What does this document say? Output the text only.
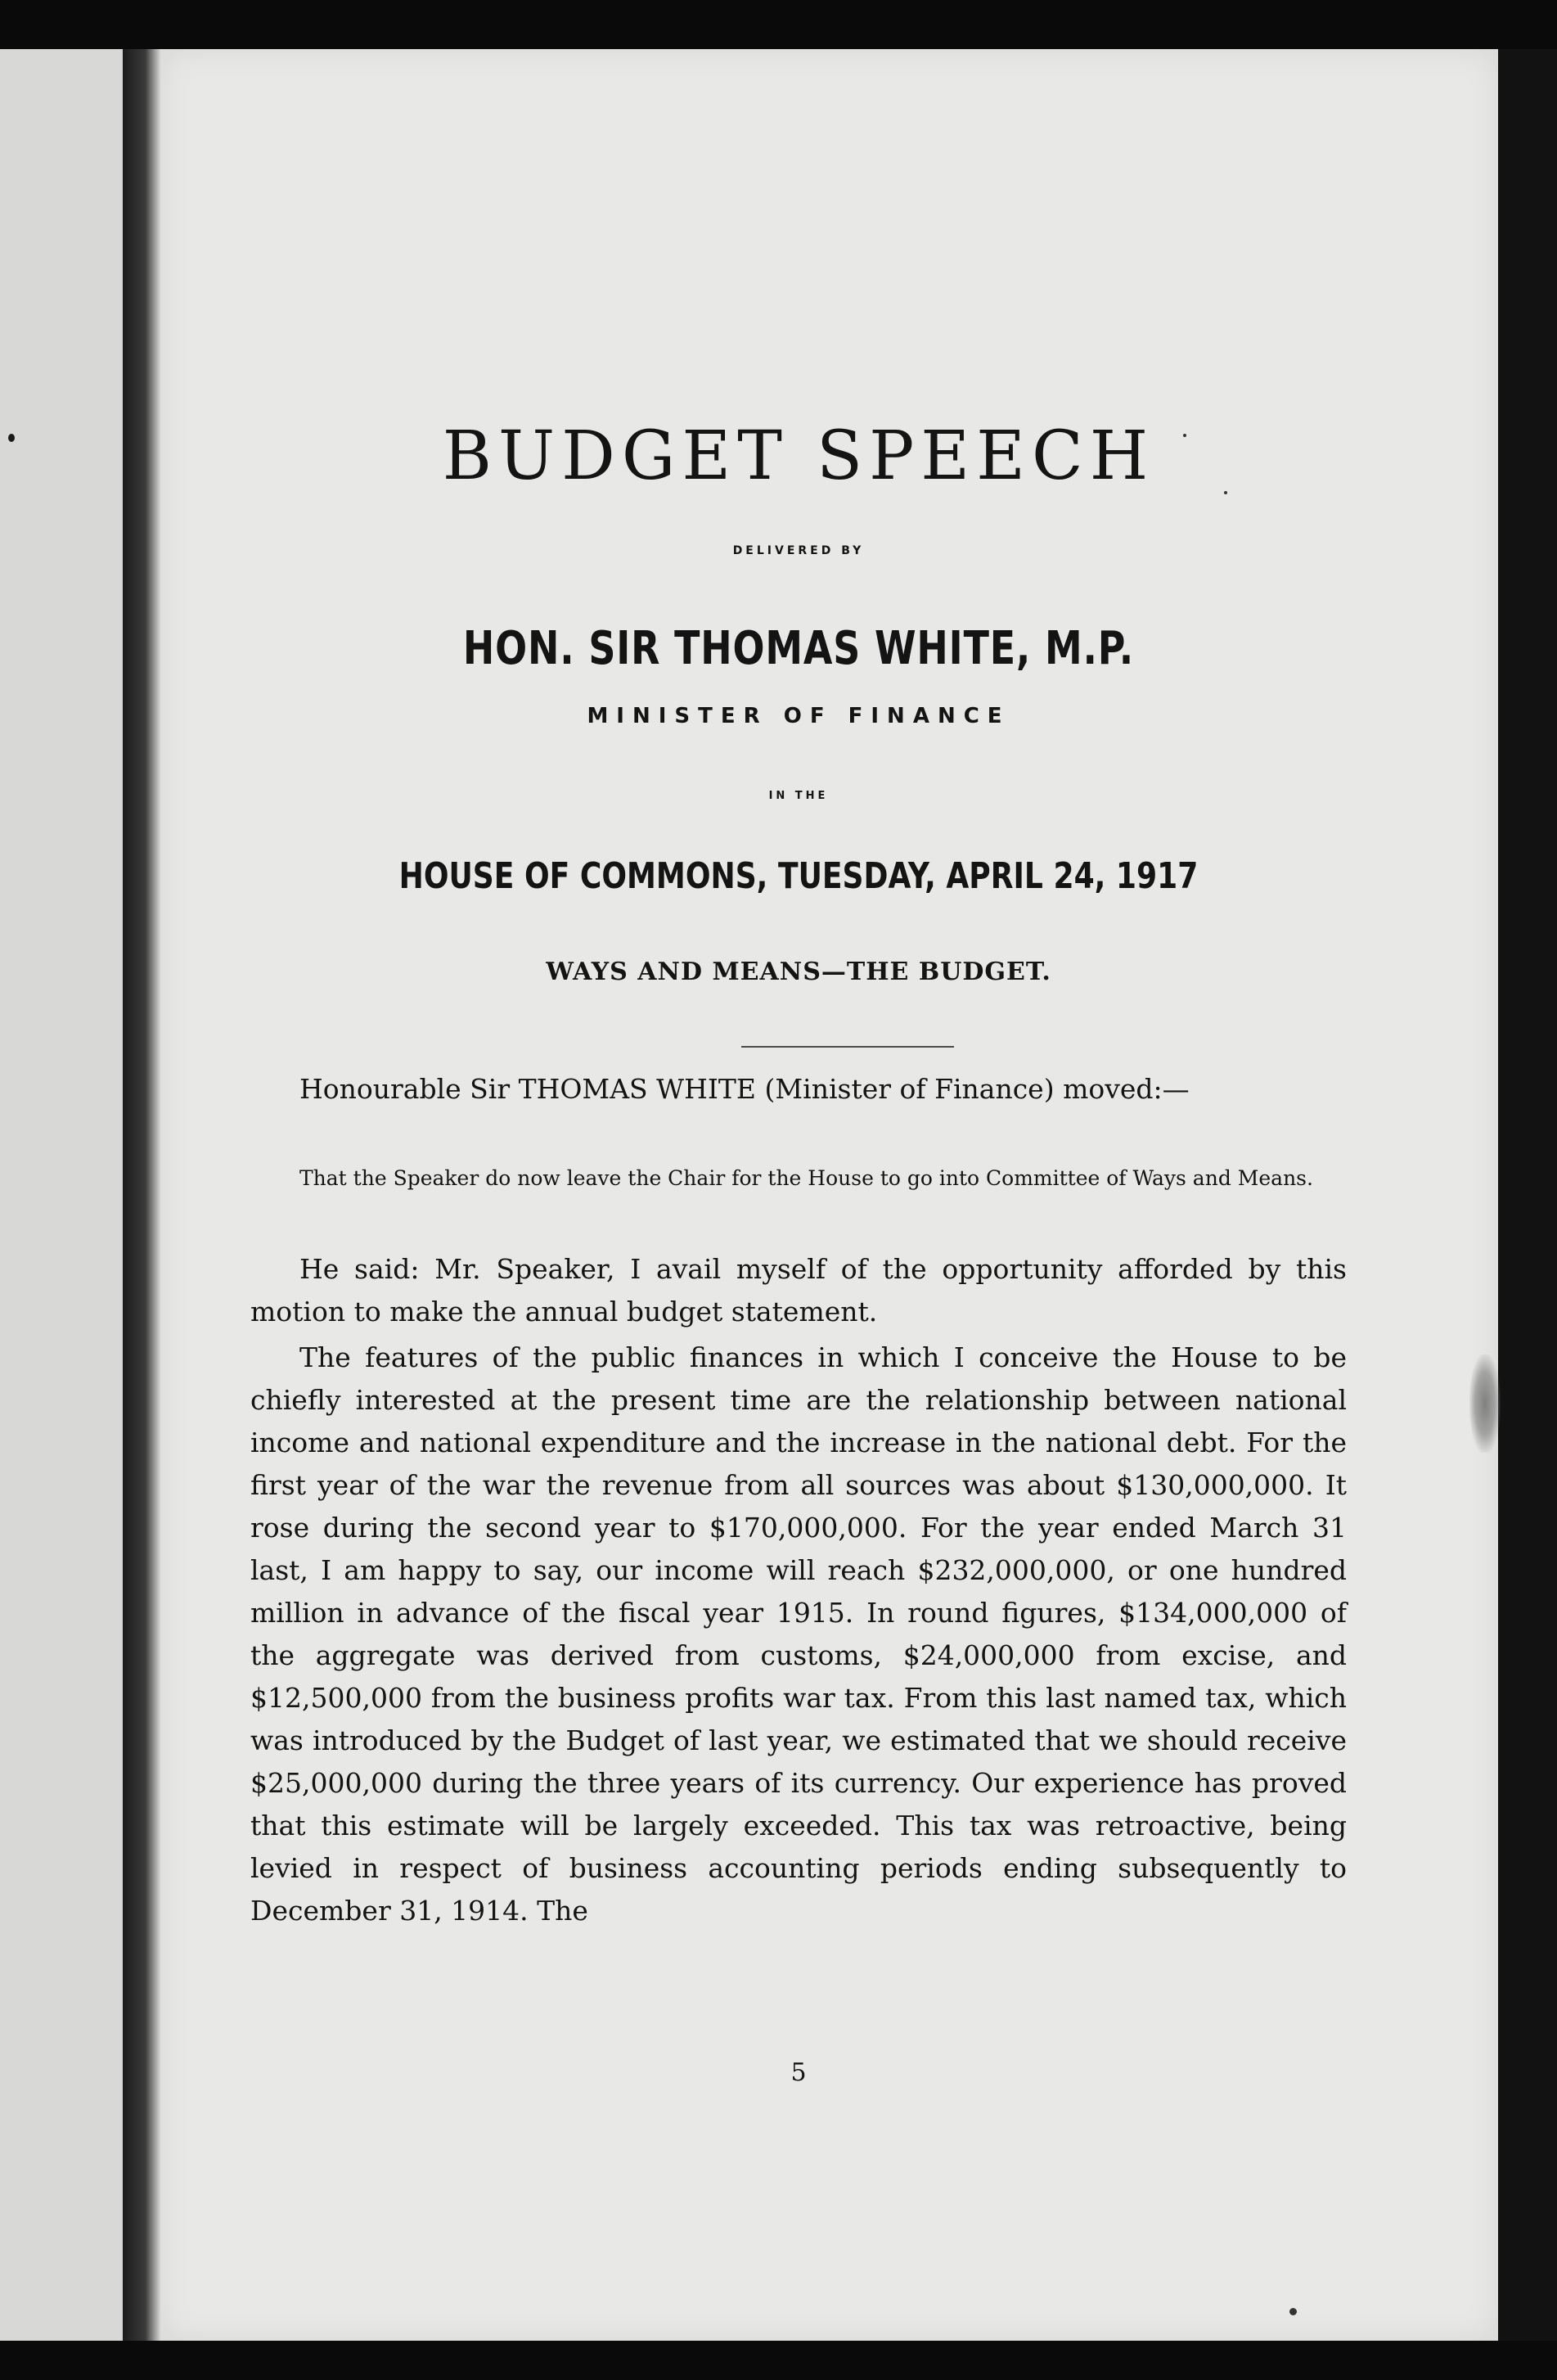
BUDGET SPEECH
DELIVERED BY
HON. SIR THOMAS WHITE, M.P.
MINISTER OF FINANCE
IN THE
HOUSE OF COMMONS, TUESDAY, APRIL 24, 1917
WAYS AND MEANS—THE BUDGET.
Honourable Sir THOMAS WHITE (Minister of Finance) moved:—
That the Speaker do now leave the Chair for the House to go into Committee of Ways and Means.
He said: Mr. Speaker, I avail myself of the opportunity afforded by this motion to make the annual budget statement.
The features of the public finances in which I conceive the House to be chiefly interested at the present time are the relationship between national income and national expenditure and the increase in the national debt. For the first year of the war the revenue from all sources was about $130,000,000. It rose during the second year to $170,000,000. For the year ended March 31 last, I am happy to say, our income will reach $232,000,000, or one hundred million in advance of the fiscal year 1915. In round figures, $134,000,000 of the aggregate was derived from customs, $24,000,000 from excise, and $12,500,000 from the business profits war tax. From this last named tax, which was introduced by the Budget of last year, we estimated that we should receive $25,000,000 during the three years of its currency. Our experience has proved that this estimate will be largely exceeded. This tax was retroactive, being levied in respect of business accounting periods ending subsequently to December 31, 1914. The
5
